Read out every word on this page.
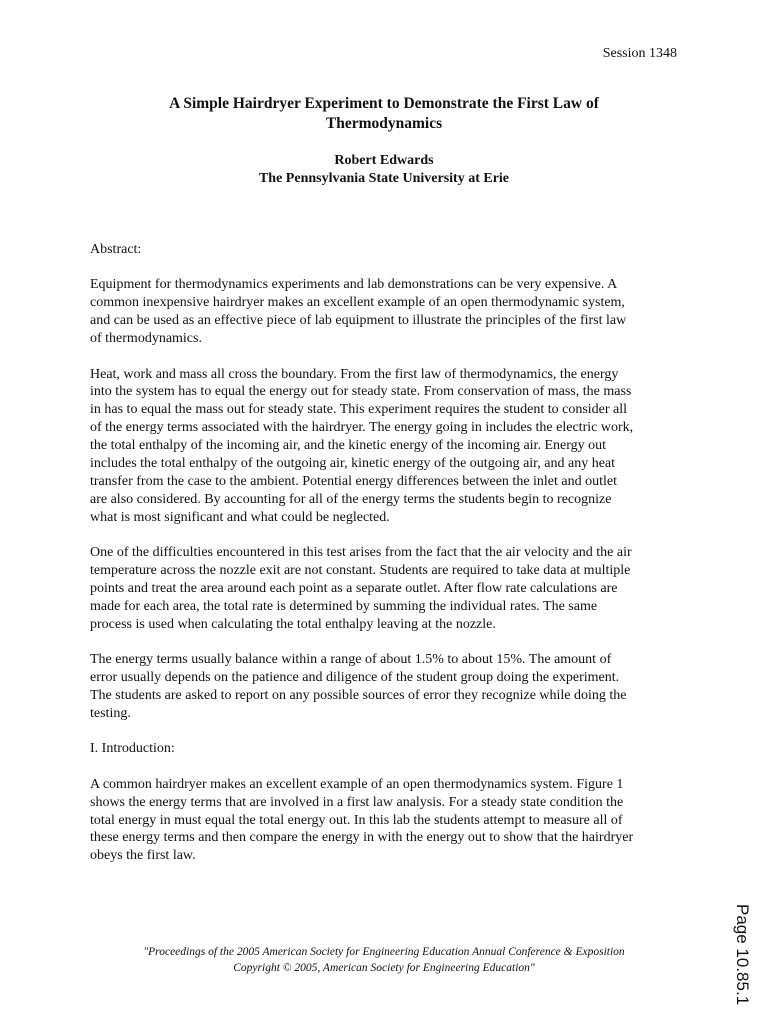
Session 1348
A Simple Hairdryer Experiment to Demonstrate the First Law of
Thermodynamics
Robert Edwards
The Pennsylvania State University at Erie

Abstract:

Equipment for thermodynamics experiments and lab demonstrations can be very expensive. A
common inexpensive hairdryer makes an excellent example of an open thermodynamic system,
and can be used as an effective piece of lab equipment to illustrate the principles of the first law
of thermodynamics.

Heat, work and mass all cross the boundary. From the first law of thermodynamics, the energy
into the system has to equal the energy out for steady state. From conservation of mass, the mass
in has to equal the mass out for steady state. This experiment requires the student to consider all
of the energy terms associated with the hairdryer. The energy going in includes the electric work,
the total enthalpy of the incoming air, and the kinetic energy of the incoming air. Energy out
includes the total enthalpy of the outgoing air, kinetic energy of the outgoing air, and any heat
transfer from the case to the ambient. Potential energy differences between the inlet and outlet
are also considered. By accounting for all of the energy terms the students begin to recognize
what is most significant and what could be neglected.

One of the difficulties encountered in this test arises from the fact that the air velocity and the air
temperature across the nozzle exit are not constant. Students are required to take data at multiple
points and treat the area around each point as a separate outlet. After flow rate calculations are
made for each area, the total rate is determined by summing the individual rates. The same
process is used when calculating the total enthalpy leaving at the nozzle.

The energy terms usually balance within a range of about 1.5% to about 15%. The amount of
error usually depends on the patience and diligence of the student group doing the experiment.
The students are asked to report on any possible sources of error they recognize while doing the
testing.

I. Introduction:

A common hairdryer makes an excellent example of an open thermodynamics system. Figure 1
shows the energy terms that are involved in a first law analysis. For a steady state condition the
total energy in must equal the total energy out. In this lab the students attempt to measure all of
these energy terms and then compare the energy in with the energy out to show that the hairdryer
obeys the first law.

"Proceedings of the 2005 American Society for Engineering Education Annual Conference & Exposition
Copyright © 2005, American Society for Engineering Education"	Page 10.85.1
